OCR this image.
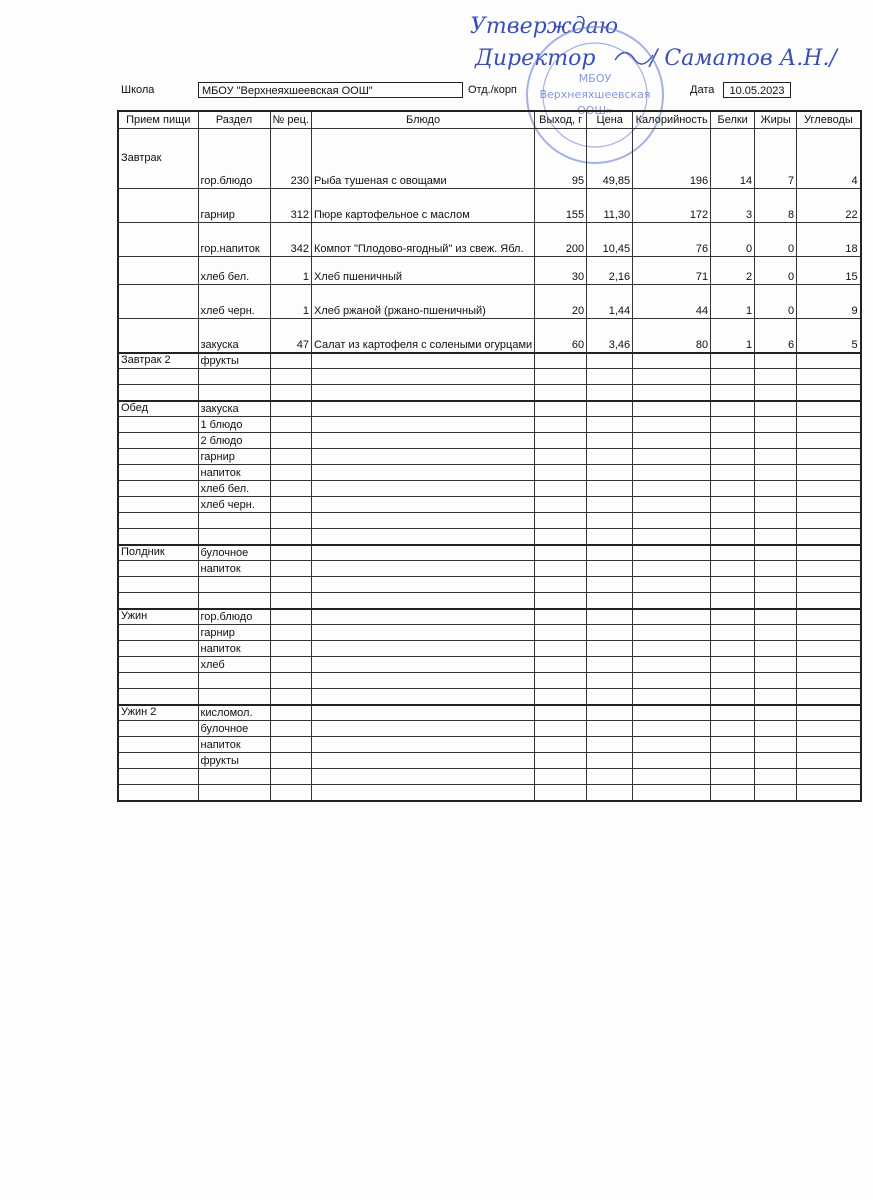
Утверждаю
Директор / Саматов А.Н./
МБОУ
Верхнеяхшеевская
ООШ»
Школа	МБОУ "Верхнеяхшеевская ООШ"	Отд./корп	Дата	10.05.2023
Прием пищи	Раздел	№ рец.	Блюдо	Выход, г	Цена	Калорийность	Белки	Жиры	Углеводы
Завтрак	гор.блюдо	230	Рыба тушеная с овощами	95	49,85	196	14	7	4
	гарнир	312	Пюре картофельное с маслом	155	11,30	172	3	8	22
	гор.напиток	342	Компот "Плодово-ягодный" из свеж. Ябл.	200	10,45	76	0	0	18
	хлеб бел.	1	Хлеб пшеничный	30	2,16	71	2	0	15
	хлеб черн.	1	Хлеб ржаной (ржано-пшеничный)	20	1,44	44	1	0	9
	закуска	47	Салат из картофеля с солеными огурцами	60	3,46	80	1	6	5
Завтрак 2	фрукты								

Обед	закуска								
	1 блюдо								
	2 блюдо								
	гарнир								
	напиток								
	хлеб бел.								
	хлеб черн.								

Полдник	булочное								
	напиток								

Ужин	гор.блюдо								
	гарнир								
	напиток								
	хлеб								

Ужин 2	кисломол.								
	булочное								
	напиток								
	фрукты								
